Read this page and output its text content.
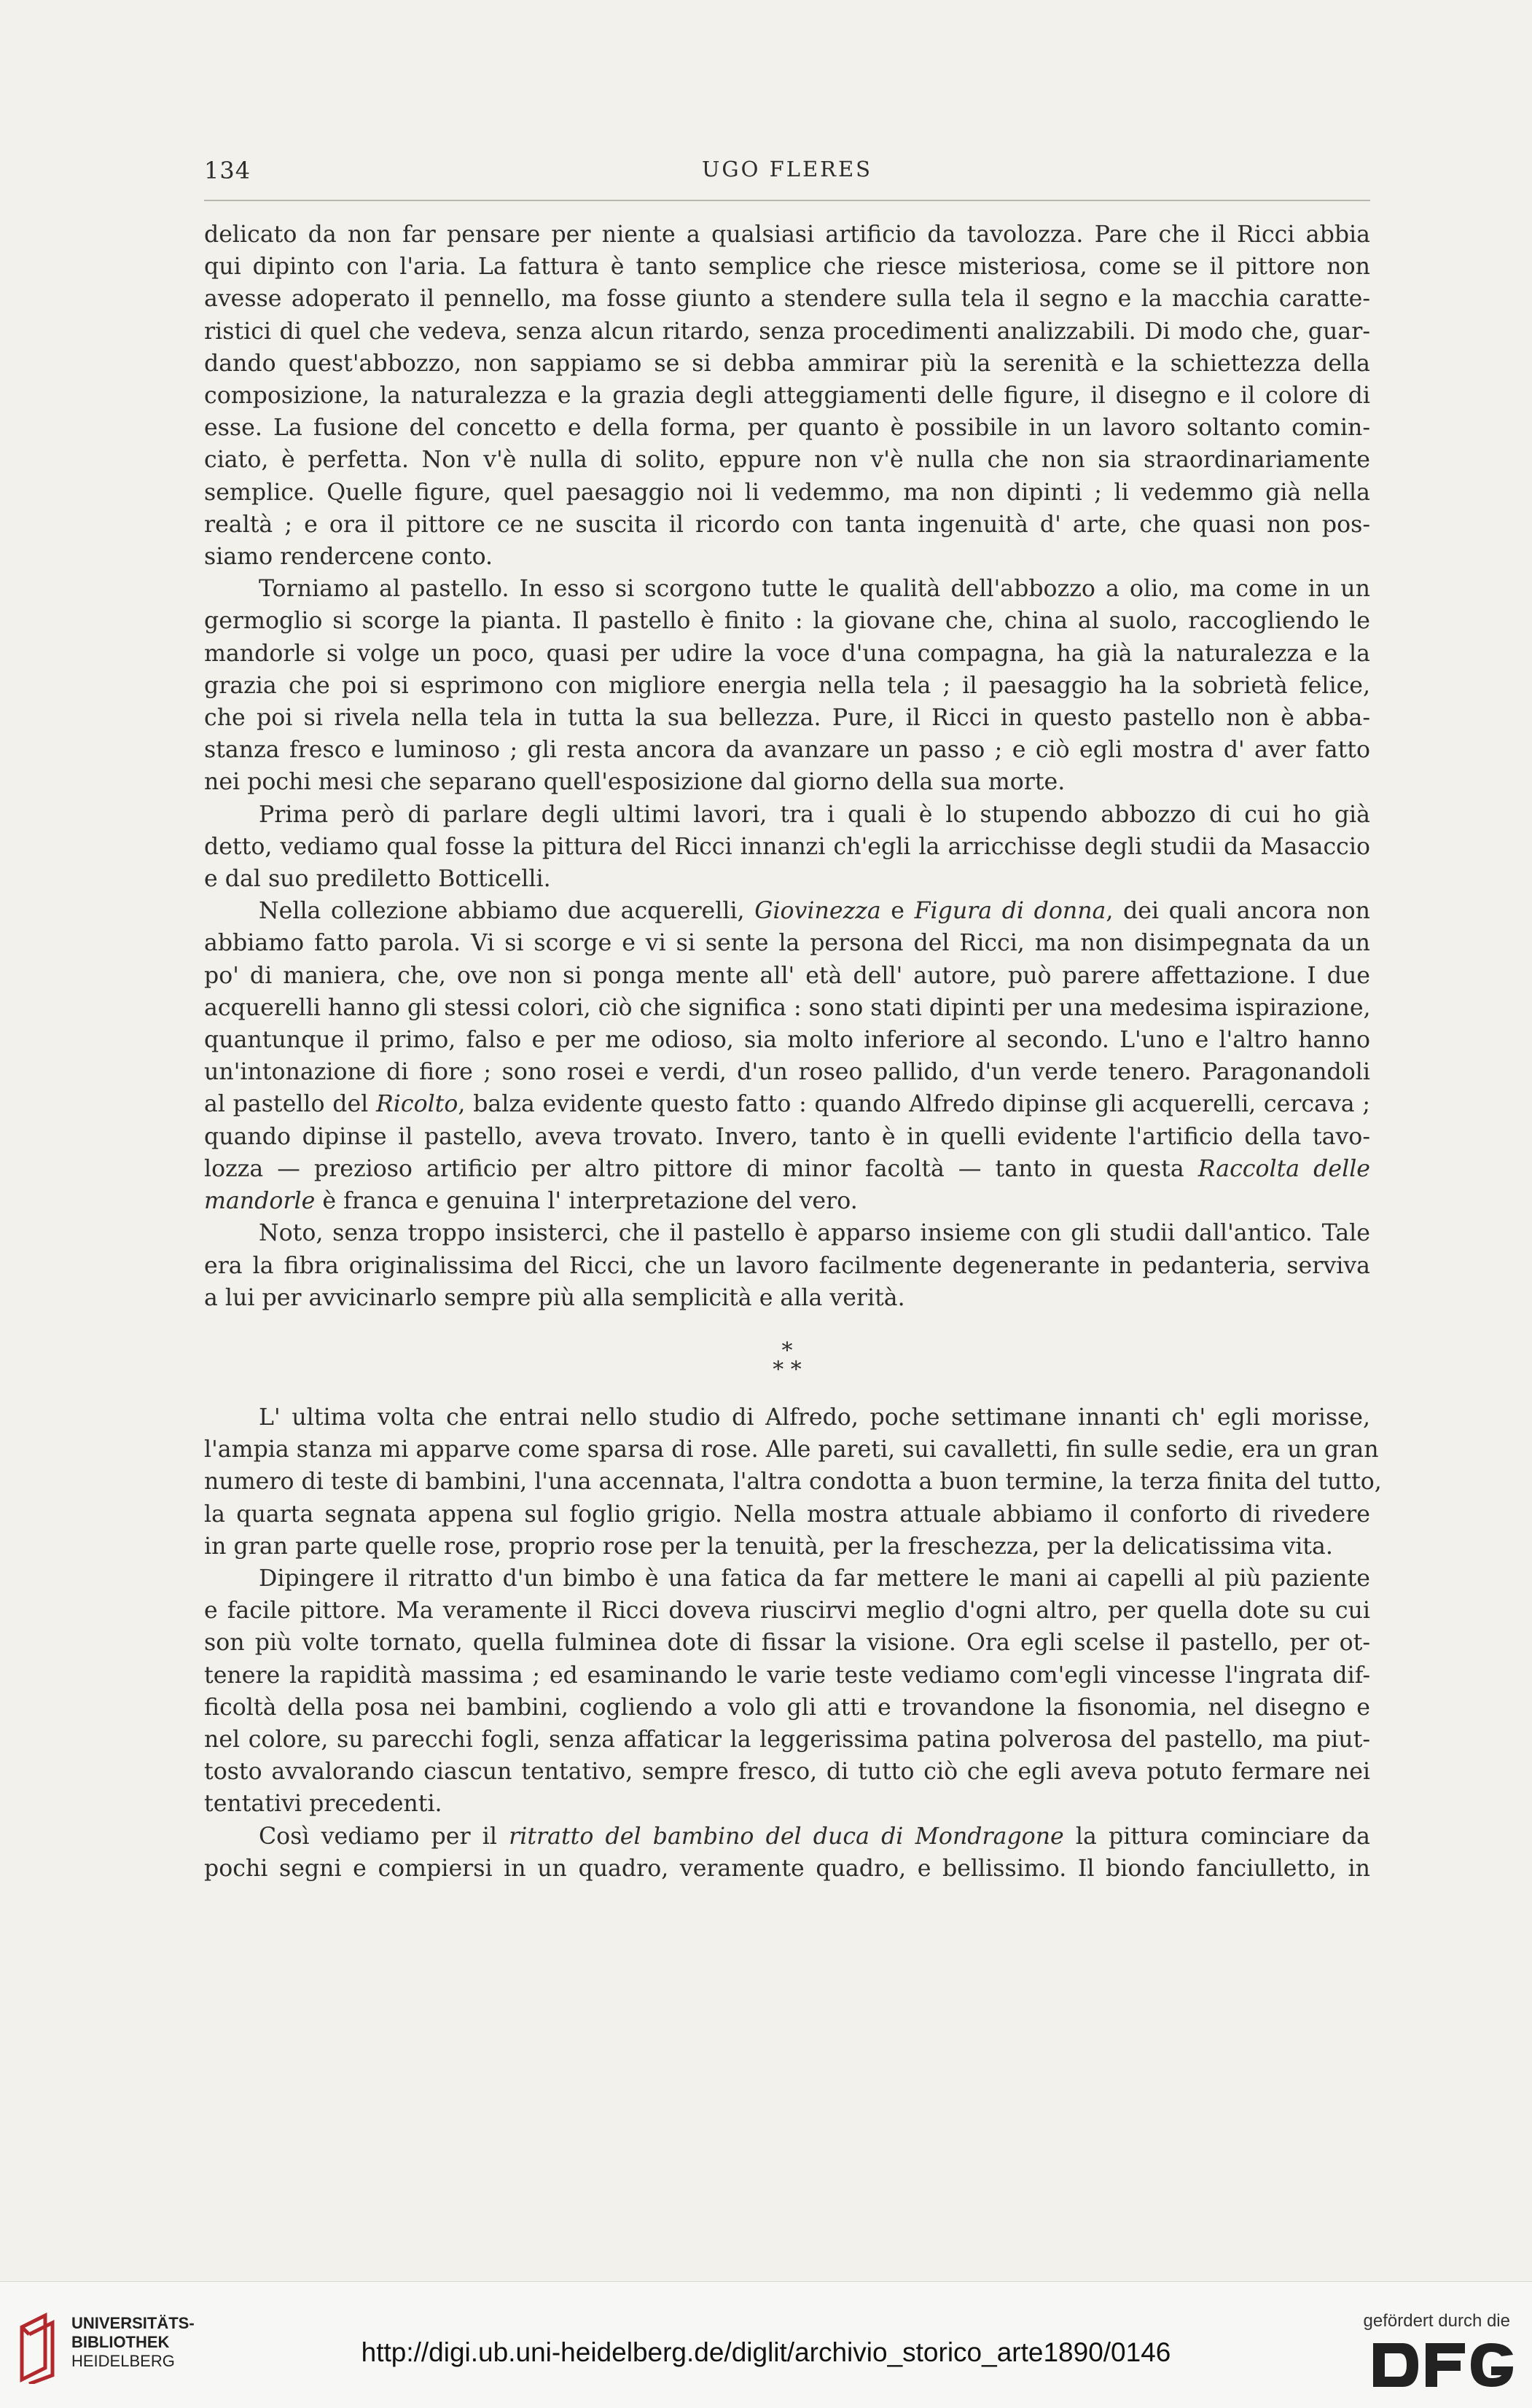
134	UGO FLERES
delicato da non far pensare per niente a qualsiasi artificio da tavolozza. Pare che il Ricci abbia
qui dipinto con l'aria. La fattura è tanto semplice che riesce misteriosa, come se il pittore non
avesse adoperato il pennello, ma fosse giunto a stendere sulla tela il segno e la macchia caratte-
ristici di quel che vedeva, senza alcun ritardo, senza procedimenti analizzabili. Di modo che, guar-
dando quest'abbozzo, non sappiamo se si debba ammirar più la serenità e la schiettezza della
composizione, la naturalezza e la grazia degli atteggiamenti delle figure, il disegno e il colore di
esse. La fusione del concetto e della forma, per quanto è possibile in un lavoro soltanto comin-
ciato, è perfetta. Non v'è nulla di solito, eppure non v'è nulla che non sia straordinariamente
semplice. Quelle figure, quel paesaggio noi li vedemmo, ma non dipinti ; li vedemmo già nella
realtà ; e ora il pittore ce ne suscita il ricordo con tanta ingenuità d' arte, che quasi non pos-
siamo rendercene conto.
Torniamo al pastello. In esso si scorgono tutte le qualità dell'abbozzo a olio, ma come in un
germoglio si scorge la pianta. Il pastello è finito : la giovane che, china al suolo, raccogliendo le
mandorle si volge un poco, quasi per udire la voce d'una compagna, ha già la naturalezza e la
grazia che poi si esprimono con migliore energia nella tela ; il paesaggio ha la sobrietà felice,
che poi si rivela nella tela in tutta la sua bellezza. Pure, il Ricci in questo pastello non è abba-
stanza fresco e luminoso ; gli resta ancora da avanzare un passo ; e ciò egli mostra d' aver fatto
nei pochi mesi che separano quell'esposizione dal giorno della sua morte.
Prima però di parlare degli ultimi lavori, tra i quali è lo stupendo abbozzo di cui ho già
detto, vediamo qual fosse la pittura del Ricci innanzi ch'egli la arricchisse degli studii da Masaccio
e dal suo prediletto Botticelli.
Nella collezione abbiamo due acquerelli, Giovinezza e Figura di donna, dei quali ancora non
abbiamo fatto parola. Vi si scorge e vi si sente la persona del Ricci, ma non disimpegnata da un
po' di maniera, che, ove non si ponga mente all' età dell' autore, può parere affettazione. I due
acquerelli hanno gli stessi colori, ciò che significa : sono stati dipinti per una medesima ispirazione,
quantunque il primo, falso e per me odioso, sia molto inferiore al secondo. L'uno e l'altro hanno
un'intonazione di fiore ; sono rosei e verdi, d'un roseo pallido, d'un verde tenero. Paragonandoli
al pastello del Ricolto, balza evidente questo fatto : quando Alfredo dipinse gli acquerelli, cercava ;
quando dipinse il pastello, aveva trovato. Invero, tanto è in quelli evidente l'artificio della tavo-
lozza — prezioso artificio per altro pittore di minor facoltà — tanto in questa Raccolta delle
mandorle è franca e genuina l' interpretazione del vero.
Noto, senza troppo insisterci, che il pastello è apparso insieme con gli studii dall'antico. Tale
era la fibra originalissima del Ricci, che un lavoro facilmente degenerante in pedanteria, serviva
a lui per avvicinarlo sempre più alla semplicità e alla verità.
*
* *
L' ultima volta che entrai nello studio di Alfredo, poche settimane innanti ch' egli morisse,
l'ampia stanza mi apparve come sparsa di rose. Alle pareti, sui cavalletti, fin sulle sedie, era un gran
numero di teste di bambini, l'una accennata, l'altra condotta a buon termine, la terza finita del tutto,
la quarta segnata appena sul foglio grigio. Nella mostra attuale abbiamo il conforto di rivedere
in gran parte quelle rose, proprio rose per la tenuità, per la freschezza, per la delicatissima vita.
Dipingere il ritratto d'un bimbo è una fatica da far mettere le mani ai capelli al più paziente
e facile pittore. Ma veramente il Ricci doveva riuscirvi meglio d'ogni altro, per quella dote su cui
son più volte tornato, quella fulminea dote di fissar la visione. Ora egli scelse il pastello, per ot-
tenere la rapidità massima ; ed esaminando le varie teste vediamo com'egli vincesse l'ingrata dif-
ficoltà della posa nei bambini, cogliendo a volo gli atti e trovandone la fisonomia, nel disegno e
nel colore, su parecchi fogli, senza affaticar la leggerissima patina polverosa del pastello, ma piut-
tosto avvalorando ciascun tentativo, sempre fresco, di tutto ciò che egli aveva potuto fermare nei
tentativi precedenti.
Così vediamo per il ritratto del bambino del duca di Mondragone la pittura cominciare da
pochi segni e compiersi in un quadro, veramente quadro, e bellissimo. Il biondo fanciulletto, in
UNIVERSITÄTS-
BIBLIOTHEK
HEIDELBERG	http://digi.ub.uni-heidelberg.de/diglit/archivio_storico_arte1890/0146
gefördert durch die
